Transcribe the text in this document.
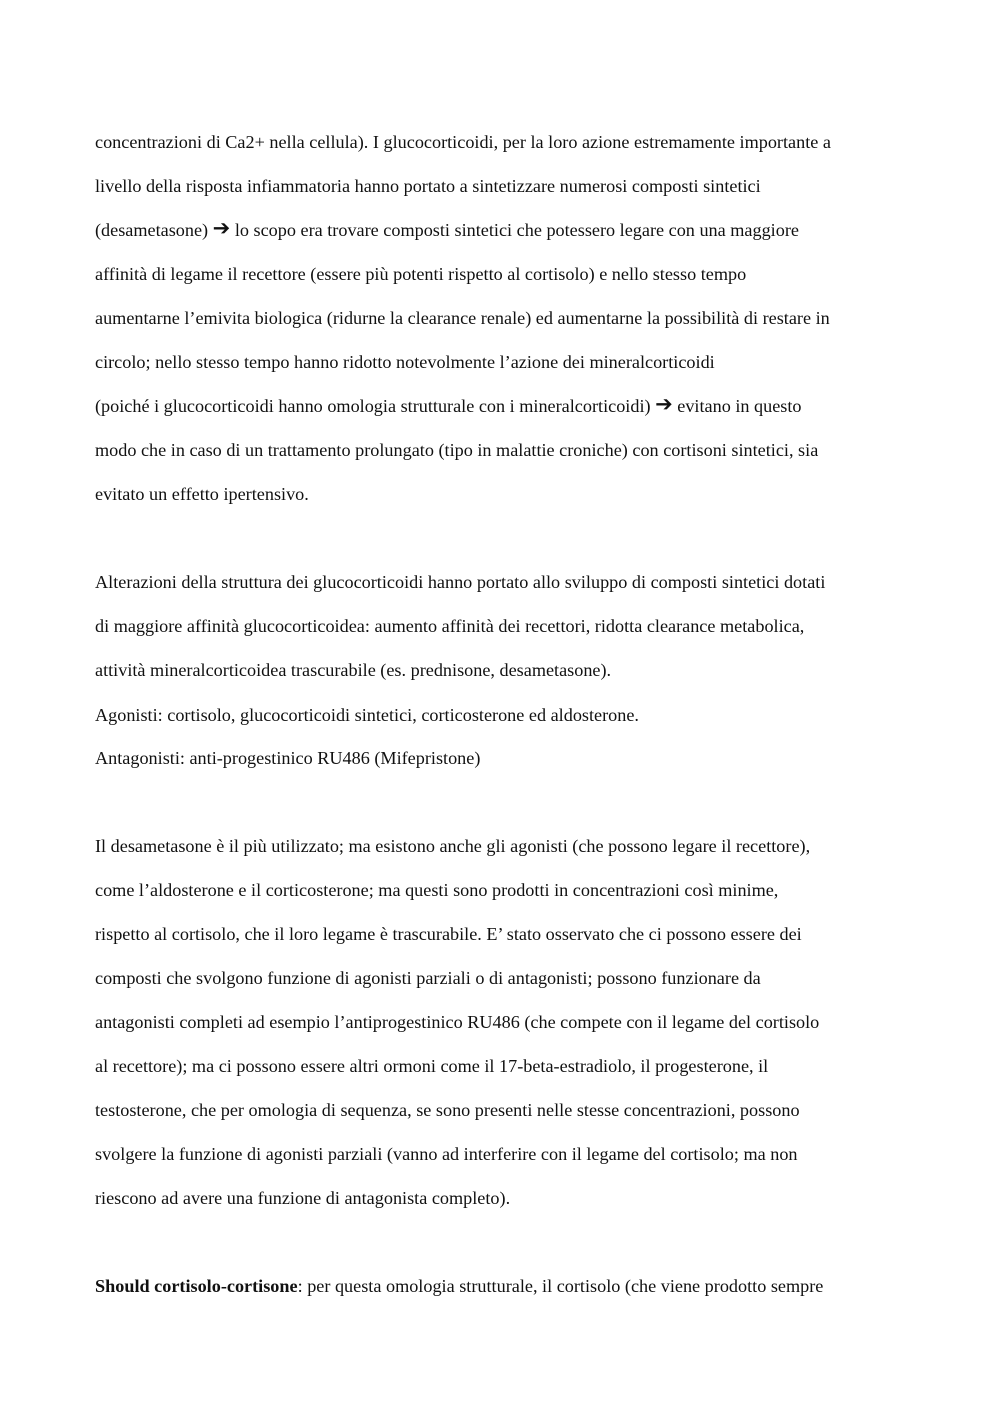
concentrazioni di Ca2+ nella cellula). I glucocorticoidi, per la loro azione estremamente importante a
livello della risposta infiammatoria hanno portato a sintetizzare numerosi composti sintetici
(desametasone) ➔ lo scopo era trovare composti sintetici che potessero legare con una maggiore
affinità di legame il recettore (essere più potenti rispetto al cortisolo) e nello stesso tempo
aumentarne l’emivita biologica (ridurne la clearance renale) ed aumentarne la possibilità di restare in
circolo; nello stesso tempo hanno ridotto notevolmente l’azione dei mineralcorticoidi
(poiché i glucocorticoidi hanno omologia strutturale con i mineralcorticoidi) ➔ evitano in questo
modo che in caso di un trattamento prolungato (tipo in malattie croniche) con cortisoni sintetici, sia
evitato un effetto ipertensivo.
Alterazioni della struttura dei glucocorticoidi hanno portato allo sviluppo di composti sintetici dotati
di maggiore affinità glucocorticoidea: aumento affinità dei recettori, ridotta clearance metabolica,
attività mineralcorticoidea trascurabile (es. prednisone, desametasone).
Agonisti: cortisolo, glucocorticoidi sintetici, corticosterone ed aldosterone.
Antagonisti: anti-progestinico RU486 (Mifepristone)
Il desametasone è il più utilizzato; ma esistono anche gli agonisti (che possono legare il recettore),
come l’aldosterone e il corticosterone; ma questi sono prodotti in concentrazioni così minime,
rispetto al cortisolo, che il loro legame è trascurabile. E’ stato osservato che ci possono essere dei
composti che svolgono funzione di agonisti parziali o di antagonisti; possono funzionare da
antagonisti completi ad esempio l’antiprogestinico RU486 (che compete con il legame del cortisolo
al recettore); ma ci possono essere altri ormoni come il 17-beta-estradiolo, il progesterone, il
testosterone, che per omologia di sequenza, se sono presenti nelle stesse concentrazioni, possono
svolgere la funzione di agonisti parziali (vanno ad interferire con il legame del cortisolo; ma non
riescono ad avere una funzione di antagonista completo).
Should cortisolo-cortisone: per questa omologia strutturale, il cortisolo (che viene prodotto sempre
